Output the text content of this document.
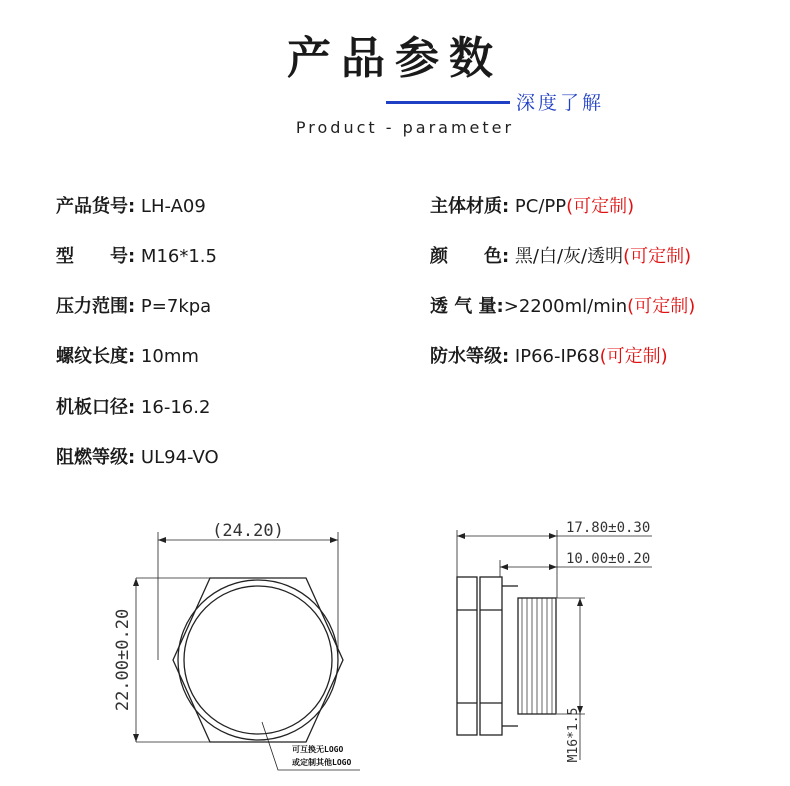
产品参数
深度了解
Product - parameter
产品货号: LH-A09
型　　号: M16*1.5
压力范围: P=7kpa
螺纹长度: 10mm
机板口径: 16-16.2
阻燃等级: UL94-VO
主体材质: PC/PP(可定制)
颜　　色: 黑/白/灰/透明(可定制)
透 气 量:>2200ml/min(可定制)
防水等级: IP66-IP68(可定制)
(24.20)
22.00±0.20
可互换无LOGO
或定制其他LOGO
17.80±0.30
10.00±0.20
M16*1.5
